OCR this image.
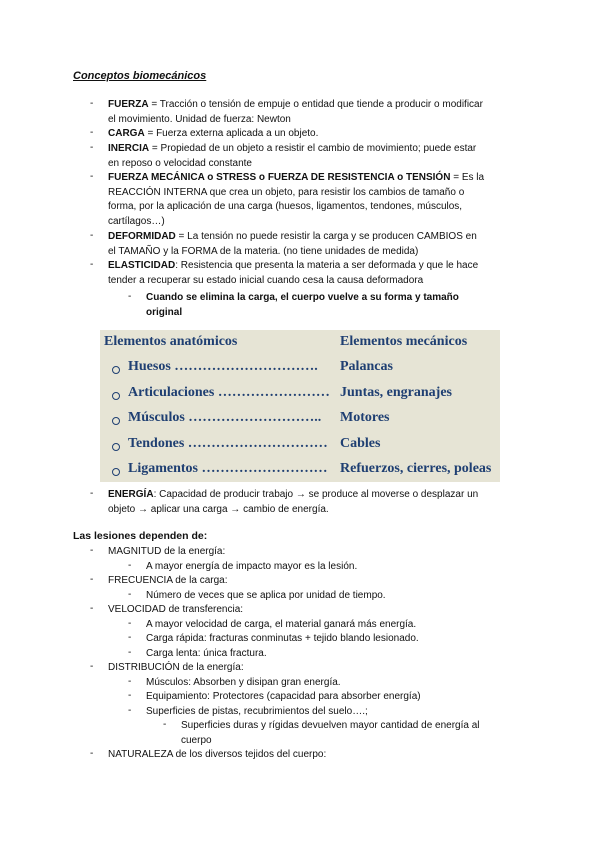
Conceptos biomecánicos
- FUERZA = Tracción o tensión de empuje o entidad que tiende a producir o modificar
el movimiento. Unidad de fuerza: Newton
- CARGA = Fuerza externa aplicada a un objeto.
- INERCIA = Propiedad de un objeto a resistir el cambio de movimiento; puede estar
en reposo o velocidad constante
- FUERZA MECÁNICA o STRESS o FUERZA DE RESISTENCIA o TENSIÓN = Es la
REACCIÓN INTERNA que crea un objeto, para resistir los cambios de tamaño o
forma, por la aplicación de una carga (huesos, ligamentos, tendones, músculos,
cartílagos…)
- DEFORMIDAD = La tensión no puede resistir la carga y se producen CAMBIOS en
el TAMAÑO y la FORMA de la materia. (no tiene unidades de medida)
- ELASTICIDAD: Resistencia que presenta la materia a ser deformada y que le hace
tender a recuperar su estado inicial cuando cesa la causa deformadora
- Cuando se elimina la carga, el cuerpo vuelve a su forma y tamaño
original
Elementos anatómicos	Elementos mecánicos
Huesos …………………………. Palancas
Articulaciones …………………… Juntas, engranajes
Músculos ……………………….. Motores
Tendones ………………………… Cables
Ligamentos ……………………… Refuerzos, cierres, poleas
- ENERGÍA: Capacidad de producir trabajo → se produce al moverse o desplazar un
objeto → aplicar una carga → cambio de energía.
Las lesiones dependen de:
- MAGNITUD de la energía:
- A mayor energía de impacto mayor es la lesión.
- FRECUENCIA de la carga:
- Número de veces que se aplica por unidad de tiempo.
- VELOCIDAD de transferencia:
- A mayor velocidad de carga, el material ganará más energía.
- Carga rápida: fracturas conminutas + tejido blando lesionado.
- Carga lenta: única fractura.
- DISTRIBUCIÓN de la energía:
- Músculos: Absorben y disipan gran energía.
- Equipamiento: Protectores (capacidad para absorber energía)
- Superficies de pistas, recubrimientos del suelo….;
- Superficies duras y rígidas devuelven mayor cantidad de energía al
cuerpo
- NATURALEZA de los diversos tejidos del cuerpo:
